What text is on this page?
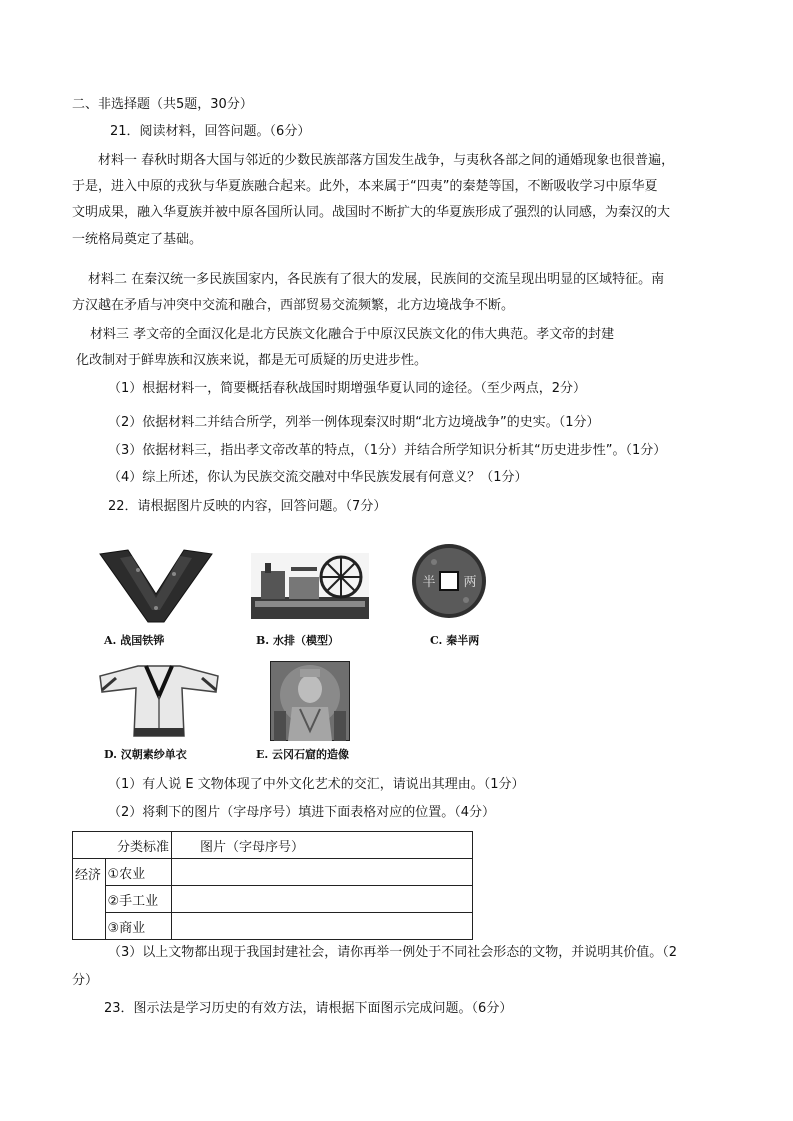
二、非选择题（共5题，30分）
21．阅读材料，回答问题。（6分）
材料一 春秋时期各大国与邻近的少数民族部落方国发生战争，与夷秋各部之间的通婚现象也很普遍，
于是，进入中原的戎狄与华夏族融合起来。此外，本来属于“四夷”的秦楚等国，不断吸收学习中原华夏
文明成果，融入华夏族并被中原各国所认同。战国时不断扩大的华夏族形成了强烈的认同感，为秦汉的大
一统格局奠定了基础。
材料二 在秦汉统一多民族国家内，各民族有了很大的发展，民族间的交流呈现出明显的区域特征。南
方汉越在矛盾与冲突中交流和融合，西部贸易交流频繁，北方边境战争不断。
材料三 孝文帝的全面汉化是北方民族文化融合于中原汉民族文化的伟大典范。孝文帝的封建
化改制对于鲜卑族和汉族来说，都是无可质疑的历史进步性。
（1）根据材料一，简要概括春秋战国时期增强华夏认同的途径。（至少两点，2分）
（2）依据材料二并结合所学，列举一例体现秦汉时期“北方边境战争”的史实。（1分）
（3）依据材料三，指出孝文帝改革的特点，（1分）并结合所学知识分析其“历史进步性”。（1分）
（4）综上所述，你认为民族交流交融对中华民族发展有何意义？（1分）
22．请根据图片反映的内容，回答问题。（7分）
A. 战国铁铧	B. 水排（模型）
半 两
C. 秦半两
D. 汉朝素纱单衣	E. 云冈石窟的造像
（1）有人说 E 文物体现了中外文化艺术的交汇，请说出其理由。（1分）
（2）将剩下的图片（字母序号）填进下面表格对应的位置。（4分）
	分类标准	图片（字母序号）
经济	①农业	
	②手工业	
	③商业	
（3）以上文物都出现于我国封建社会，请你再举一例处于不同社会形态的文物，并说明其价值。（2
分）
23．图示法是学习历史的有效方法，请根据下面图示完成问题。（6分）
